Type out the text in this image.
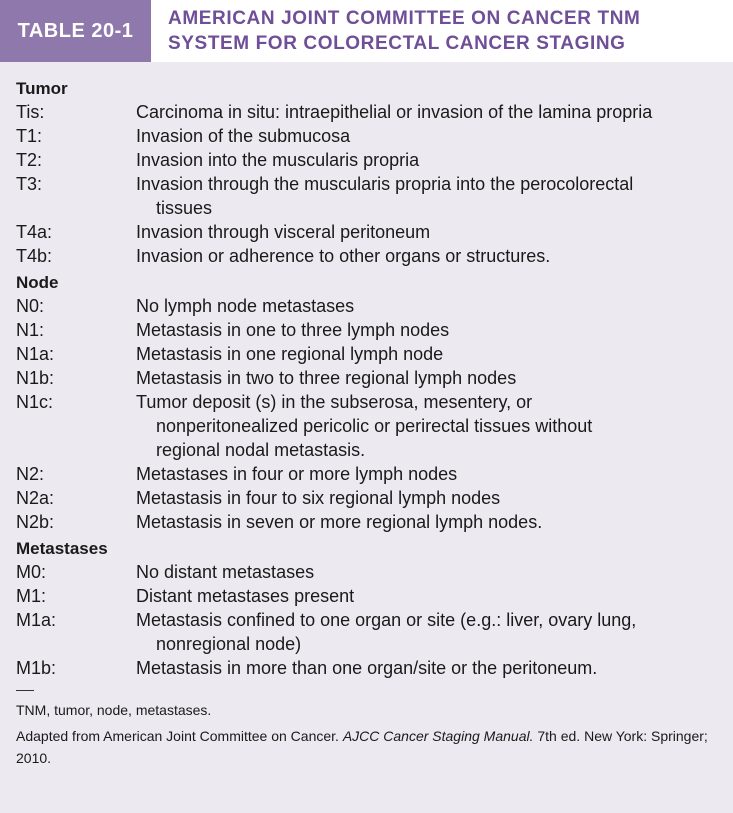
TABLE 20-1
AMERICAN JOINT COMMITTEE ON CANCER TNM
SYSTEM FOR COLORECTAL CANCER STAGING
Tumor
Tis:	Carcinoma in situ: intraepithelial or invasion of the lamina propria
T1:	Invasion of the submucosa
T2:	Invasion into the muscularis propria
T3:	Invasion through the muscularis propria into the perocolorectal
tissues
T4a:	Invasion through visceral peritoneum
T4b:	Invasion or adherence to other organs or structures.
Node
N0:	No lymph node metastases
N1:	Metastasis in one to three lymph nodes
N1a:	Metastasis in one regional lymph node
N1b:	Metastasis in two to three regional lymph nodes
N1c:	Tumor deposit (s) in the subserosa, mesentery, or
nonperitonealized pericolic or perirectal tissues without
regional nodal metastasis.
N2:	Metastases in four or more lymph nodes
N2a:	Metastasis in four to six regional lymph nodes
N2b:	Metastasis in seven or more regional lymph nodes.
Metastases
M0:	No distant metastases
M1:	Distant metastases present
M1a:	Metastasis confined to one organ or site (e.g.: liver, ovary lung,
nonregional node)
M1b:	Metastasis in more than one organ/site or the peritoneum.
TNM, tumor, node, metastases.
Adapted from American Joint Committee on Cancer. AJCC Cancer Staging Manual. 7th ed. New York: Springer; 2010.
